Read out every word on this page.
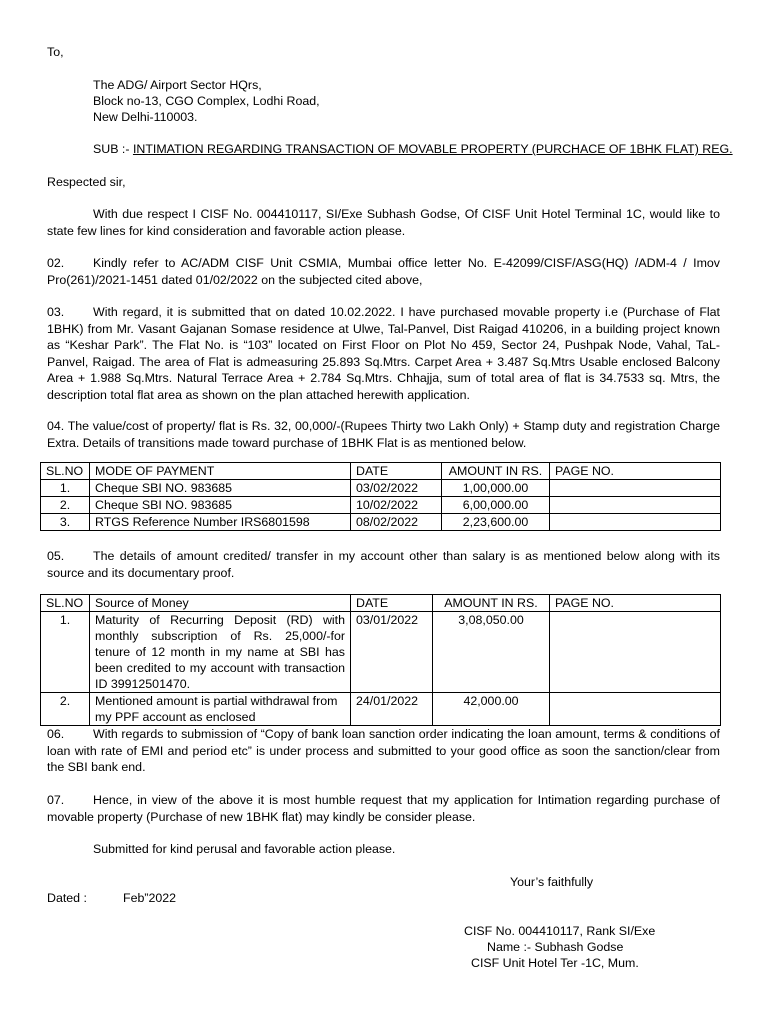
To,
The ADG/ Airport Sector HQrs,
Block no-13, CGO Complex, Lodhi Road,
New Delhi-110003.
SUB :- INTIMATION REGARDING TRANSACTION OF MOVABLE PROPERTY (PURCHACE OF 1BHK FLAT) REG.
Respected sir,
With due respect I CISF No. 004410117, SI/Exe Subhash Godse, Of CISF Unit Hotel Terminal 1C, would like to state few lines for kind consideration and favorable action please.
02. Kindly refer to AC/ADM CISF Unit CSMIA, Mumbai office letter No. E-42099/CISF/ASG(HQ) /ADM-4 / Imov Pro(261)/2021-1451 dated 01/02/2022 on the subjected cited above,
03. With regard, it is submitted that on dated 10.02.2022. I have purchased movable property i.e (Purchase of Flat 1BHK) from Mr. Vasant Gajanan Somase residence at Ulwe, Tal-Panvel, Dist Raigad 410206, in a building project known as “Keshar Park”. The Flat No. is “103” located on First Floor on Plot No 459, Sector 24, Pushpak Node, Vahal, TaL- Panvel, Raigad. The area of Flat is admeasuring 25.893 Sq.Mtrs. Carpet Area + 3.487 Sq.Mtrs Usable enclosed Balcony Area + 1.988 Sq.Mtrs. Natural Terrace Area + 2.784 Sq.Mtrs. Chhajja, sum of total area of flat is 34.7533 sq. Mtrs, the description total flat area as shown on the plan attached herewith application.
04. The value/cost of property/ flat is Rs. 32, 00,000/-(Rupees Thirty two Lakh Only) + Stamp duty and registration Charge Extra. Details of transitions made toward purchase of 1BHK Flat is as mentioned below.
SL.NO	MODE OF PAYMENT	DATE	AMOUNT IN RS.	PAGE NO.
1.	Cheque SBI NO. 983685	03/02/2022	1,00,000.00	
2.	Cheque SBI NO. 983685	10/02/2022	6,00,000.00	
3.	RTGS Reference Number IRS6801598	08/02/2022	2,23,600.00	
05. The details of amount credited/ transfer in my account other than salary is as mentioned below along with its source and its documentary proof.
SL.NO	Source of Money	DATE	AMOUNT IN RS.	PAGE NO.
1.	Maturity of Recurring Deposit (RD) with monthly subscription of Rs. 25,000/-for tenure of 12 month in my name at SBI has been credited to my account with transaction ID 39912501470.	03/01/2022	3,08,050.00	
2.	Mentioned amount is partial withdrawal from my PPF account as enclosed	24/01/2022	42,000.00	
06. With regards to submission of “Copy of bank loan sanction order indicating the loan amount, terms & conditions of loan with rate of EMI and period etc” is under process and submitted to your good office as soon the sanction/clear from the SBI bank end.
07. Hence, in view of the above it is most humble request that my application for Intimation regarding purchase of movable property (Purchase of new 1BHK flat) may kindly be consider please.
Submitted for kind perusal and favorable action please.
Your’s faithfully
Dated :	Feb”2022
CISF No. 004410117, Rank SI/Exe
Name :- Subhash Godse
CISF Unit Hotel Ter -1C, Mum.
